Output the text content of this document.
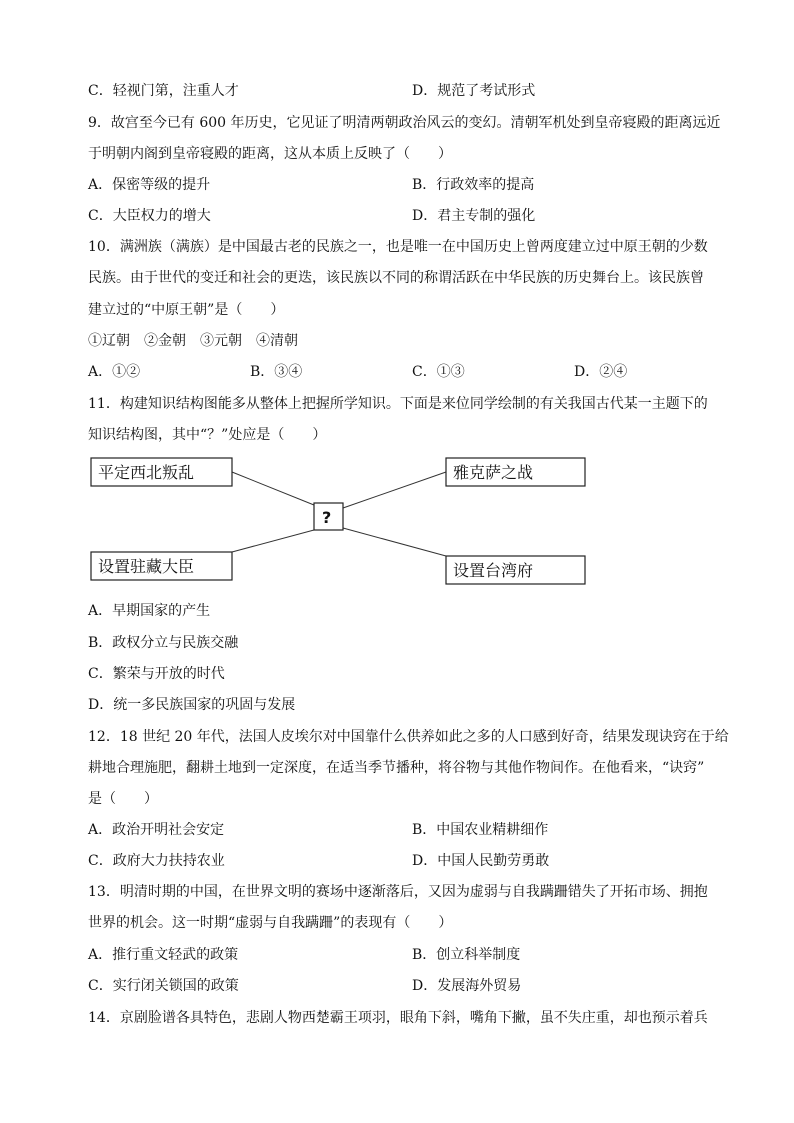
C．轻视门第，注重人才	D．规范了考试形式
9．故宫至今已有 600 年历史，它见证了明清两朝政治风云的变幻。清朝军机处到皇帝寝殿的距离远近
于明朝内阁到皇帝寝殿的距离，这从本质上反映了（　　）
A．保密等级的提升	B．行政效率的提高
C．大臣权力的增大	D．君主专制的强化
10．满洲族（满族）是中国最古老的民族之一，也是唯一在中国历史上曾两度建立过中原王朝的少数
民族。由于世代的变迁和社会的更迭，该民族以不同的称谓活跃在中华民族的历史舞台上。该民族曾
建立过的“中原王朝”是（　　）
①辽朝　②金朝　③元朝　④清朝
A．①②	B．③④	C．①③	D．②④
11．构建知识结构图能多从整体上把握所学知识。下面是来位同学绘制的有关我国古代某一主题下的
知识结构图，其中“？”处应是（　　）
平定西北叛乱	雅克萨之战
?
设置驻藏大臣	设置台湾府
A．早期国家的产生
B．政权分立与民族交融
C．繁荣与开放的时代
D．统一多民族国家的巩固与发展
12．18 世纪 20 年代，法国人皮埃尔对中国靠什么供养如此之多的人口感到好奇，结果发现诀窍在于给
耕地合理施肥，翻耕土地到一定深度，在适当季节播种，将谷物与其他作物间作。在他看来，“诀窍”
是（　　）
A．政治开明社会安定	B．中国农业精耕细作
C．政府大力扶持农业	D．中国人民勤劳勇敢
13．明清时期的中国，在世界文明的赛场中逐渐落后，又因为虚弱与自我蹒跚错失了开拓市场、拥抱
世界的机会。这一时期“虚弱与自我蹒跚”的表现有（　　）
A．推行重文轻武的政策	B．创立科举制度
C．实行闭关锁国的政策	D．发展海外贸易
14．京剧脸谱各具特色，悲剧人物西楚霸王项羽，眼角下斜，嘴角下撇，虽不失庄重，却也预示着兵
